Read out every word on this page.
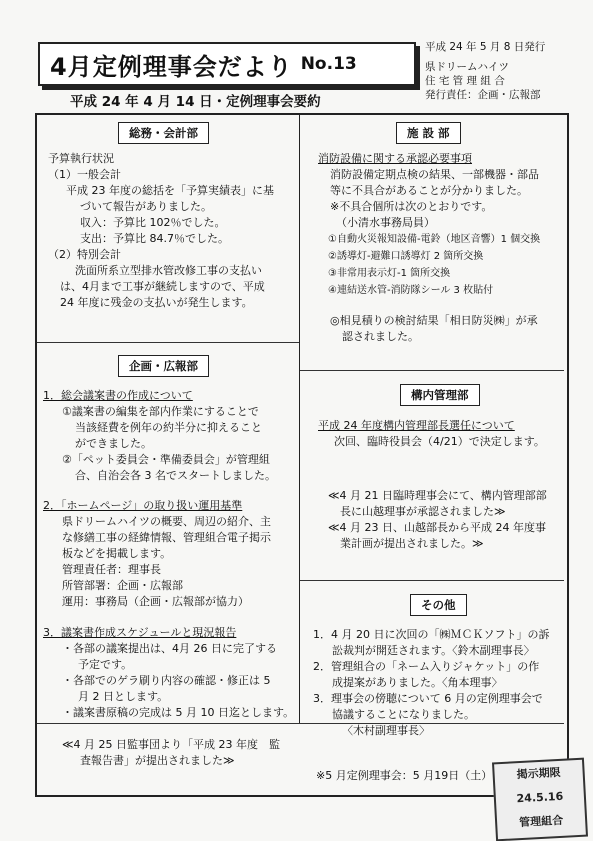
4月定例理事会だより No.13
平成 24 年 5 月 8 日発行
県ドリームハイツ
住 宅 管 理 組 合
発行責任：企画・広報部
平成 24 年 4 月 14 日・定例理事会要約
総務・会計部
予算執行状況
（1）一般会計
平成 23 年度の総括を「予算実績表」に基
づいて報告がありました。
収入：予算比 102％でした。
支出：予算比 84.7％でした。
（2）特別会計
洗面所系立型排水管改修工事の支払い
は、4月まで工事が継続しますので、平成
24 年度に残金の支払いが発生します。
企画・広報部
1．総会議案書の作成について
①議案書の編集を部内作業にすることで
当該経費を例年の約半分に抑えること
ができました。
②「ペット委員会・準備委員会」が管理組
合、自治会各 3 名でスタートしました。
2．「ホームページ」の取り扱い運用基準
県ドリームハイツの概要、周辺の紹介、主
な修繕工事の経緯情報、管理組合電子掲示
板などを掲載します。
管理責任者：理事長
所管部署：企画・広報部
運用：事務局（企画・広報部が協力）
3．議案書作成スケジュールと現況報告
・各部の議案提出は、4月 26 日に完了する
予定です。
・各部でのゲラ刷り内容の確認・修正は 5
月 2 日とします。
・議案書原稿の完成は 5 月 10 日迄とします。
≪4 月 25 日監事団より「平成 23 年度　監
査報告書」が提出されました≫
施 設 部
消防設備に関する承認必要事項
消防設備定期点検の結果、一部機器・部品
等に不具合があることが分かりました。
※不具合個所は次のとおりです。
（小清水事務局員）
①自動火災報知設備-電鈴（地区音響）1 個交換
②誘導灯-避難口誘導灯 2 箇所交換
③非常用表示灯-1 箇所交換
④連結送水管-消防隊シール 3 枚貼付
◎相見積りの検討結果「相日防災㈱」が承
認されました。
構内管理部
平成 24 年度構内管理部長選任について
次回、臨時役員会（4/21）で決定します。
≪4 月 21 日臨時理事会にて、構内管理部部
長に山越理事が承認されました≫
≪4 月 23 日、山越部長から平成 24 年度事
業計画が提出されました。≫
その他
1．4 月 20 日に次回の「㈱ＭＣＫソフト」の訴
訟裁判が開廷されます。〈鈴木副理事長〉
2．管理組合の「ネーム入りジャケット」の作
成提案がありました。〈角本理事〉
3．理事会の傍聴について 6 月の定例理事会で
協議することになりました。
〈木村副理事長〉
※5 月定例理事会：5 月19日（土）	掲示期限
24.5.16
管理組合
